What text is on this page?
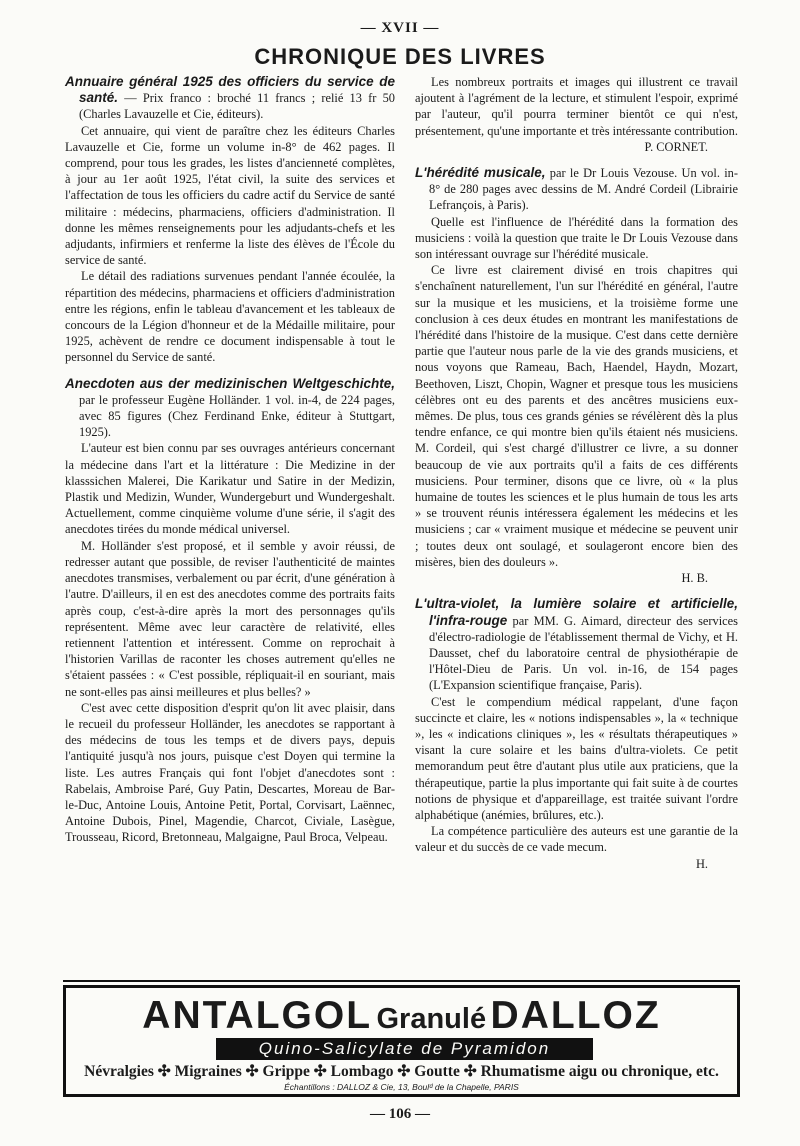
— XVII —
CHRONIQUE DES LIVRES

Annuaire général 1925 des officiers du service de santé. — Prix franco : broché 11 francs ; relié 13 fr 50 (Charles Lavauzelle et Cie, éditeurs).

Cet annuaire, qui vient de paraître chez les éditeurs Charles Lavauzelle et Cie, forme un volume in-8° de 462 pages. Il comprend, pour tous les grades, les listes d'ancienneté complètes, à jour au 1er août 1925, l'état civil, la suite des services et l'affectation de tous les officiers du cadre actif du Service de santé militaire : médecins, pharmaciens, officiers d'administration. Il donne les mêmes renseignements pour les adjudants-chefs et les adjudants, infirmiers et renferme la liste des élèves de l'École du service de santé.

Le détail des radiations survenues pendant l'année écoulée, la répartition des médecins, pharmaciens et officiers d'administration entre les régions, enfin le tableau d'avancement et les tableaux de concours de la Légion d'honneur et de la Médaille militaire, pour 1925, achèvent de rendre ce document indispensable à tout le personnel du Service de santé.

Anecdoten aus der medizinischen Weltgeschichte, par le professeur Eugène Holländer. 1 vol. in-4, de 224 pages, avec 85 figures (Chez Ferdinand Enke, éditeur à Stuttgart, 1925).

L'auteur est bien connu par ses ouvrages antérieurs concernant la médecine dans l'art et la littérature : Die Medizine in der klasssichen Malerei, Die Karikatur und Satire in der Medizin, Plastik und Medizin, Wunder, Wundergeburt und Wundergeshalt. Actuellement, comme cinquième volume d'une série, il s'agit des anecdotes tirées du monde médical universel.

M. Holländer s'est proposé, et il semble y avoir réussi, de redresser autant que possible, de reviser l'authenticité de maintes anecdotes transmises, verbalement ou par écrit, d'une génération à l'autre. D'ailleurs, il en est des anecdotes comme des portraits faits après coup, c'est-à-dire après la mort des personnages qu'ils représentent. Même avec leur caractère de relativité, elles retiennent l'attention et intéressent. Comme on reprochait à l'historien Varillas de raconter les choses autrement qu'elles ne s'étaient passées : « C'est possible, répliquait-il en souriant, mais ne sont-elles pas ainsi meilleures et plus belles? »

C'est avec cette disposition d'esprit qu'on lit avec plaisir, dans le recueil du professeur Holländer, les anecdotes se rapportant à des médecins de tous les temps et de divers pays, depuis l'antiquité jusqu'à nos jours, puisque c'est Doyen qui termine la liste. Les autres Français qui font l'objet d'anecdotes sont : Rabelais, Ambroise Paré, Guy Patin, Descartes, Moreau de Bar-le-Duc, Antoine Louis, Antoine Petit, Portal, Corvisart, Laënnec, Antoine Dubois, Pinel, Magendie, Charcot, Civiale, Lasègue, Trousseau, Ricord, Bretonneau, Malgaigne, Paul Broca, Velpeau.

Les nombreux portraits et images qui illustrent ce travail ajoutent à l'agrément de la lecture, et stimulent l'espoir, exprimé par l'auteur, qu'il pourra terminer bientôt ce qui n'est, présentement, qu'une importante et très intéressante contribution.

P. CORNET.

L'hérédité musicale, par le Dr Louis Vezouse. Un vol. in-8° de 280 pages avec dessins de M. André Cordeil (Librairie Lefrançois, à Paris).

Quelle est l'influence de l'hérédité dans la formation des musiciens : voilà la question que traite le Dr Louis Vezouse dans son intéressant ouvrage sur l'hérédité musicale.

Ce livre est clairement divisé en trois chapitres qui s'enchaînent naturellement, l'un sur l'hérédité en général, l'autre sur la musique et les musiciens, et la troisième forme une conclusion à ces deux études en montrant les manifestations de l'hérédité dans l'histoire de la musique. C'est dans cette dernière partie que l'auteur nous parle de la vie des grands musiciens, et nous voyons que Rameau, Bach, Haendel, Haydn, Mozart, Beethoven, Liszt, Chopin, Wagner et presque tous les musiciens célèbres ont eu des parents et des ancêtres musiciens eux-mêmes. De plus, tous ces grands génies se révélèrent dès la plus tendre enfance, ce qui montre bien qu'ils étaient nés musiciens. M. Cordeil, qui s'est chargé d'illustrer ce livre, a su donner beaucoup de vie aux portraits qu'il a faits de ces différents musiciens. Pour terminer, disons que ce livre, où « la plus humaine de toutes les sciences et le plus humain de tous les arts » se trouvent réunis intéressera également les médecins et les musiciens ; car « vraiment musique et médecine se peuvent unir ; toutes deux ont soulagé, et soulageront encore bien des misères, bien des douleurs ».

H. B.

L'ultra-violet, la lumière solaire et artificielle, l'infra-rouge par MM. G. Aimard, directeur des services d'électro-radiologie de l'établissement thermal de Vichy, et H. Dausset, chef du laboratoire central de physiothérapie de l'Hôtel-Dieu de Paris. Un vol. in-16, de 154 pages (L'Expansion scientifique française, Paris).

C'est le compendium médical rappelant, d'une façon succincte et claire, les « notions indispensables », la « technique », les « indications cliniques », les « résultats thérapeutiques » visant la cure solaire et les bains d'ultra-violets. Ce petit memorandum peut être d'autant plus utile aux praticiens, que la thérapeutique, partie la plus importante qui fait suite à de courtes notions de physique et d'appareillage, est traitée suivant l'ordre alphabétique (anémies, brûlures, etc.).

La compétence particulière des auteurs est une garantie de la valeur et du succès de ce vade mecum.

H.

ANTALGOL Granulé DALLOZ
Quino-Salicylate de Pyramidon
Névralgies ✣ Migraines ✣ Grippe ✣ Lombago ✣ Goutte ✣ Rhumatisme aigu ou chronique, etc.
Échantillons : DALLOZ & Cie, 13, Boulᵈ de la Chapelle, PARIS
— 106 —
